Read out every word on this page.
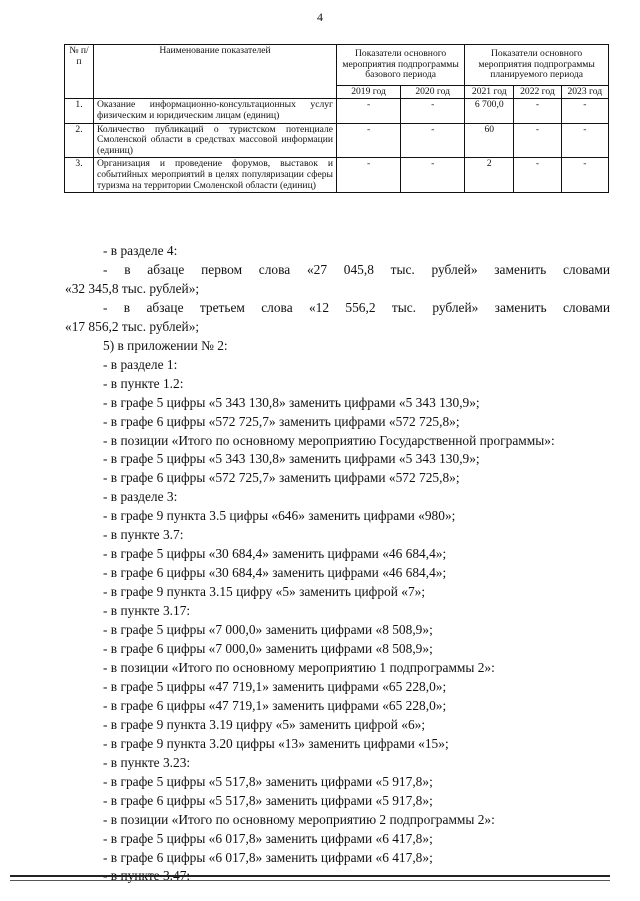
4
№ п/п	Наименование показателей	Показатели основного мероприятия подпрограммы базового периода		Показатели основного мероприятия подпрограммы планируемого периода		
		2019 год	2020 год	2021 год	2022 год	2023 год
1.	Оказание информационно-консультационных услуг физическим и юридическим лицам (единиц)	-	-	6 700,0	-	-
2.	Количество публикаций о туристском потенциале Смоленской области в средствах массовой информации (единиц)	-	-	60	-	-
3.	Организация и проведение форумов, выставок и событийных мероприятий в целях популяризации сферы туризма на территории Смоленской области (единиц)	-	-	2	-	-

- в разделе 4:

- в абзаце первом слова «27 045,8 тыс. рублей» заменить словами

«32 345,8 тыс. рублей»;

- в абзаце третьем слова «12 556,2 тыс. рублей» заменить словами

«17 856,2 тыс. рублей»;

5) в приложении № 2:

- в разделе 1:

- в пункте 1.2:

- в графе 5 цифры «5 343 130,8» заменить цифрами «5 343 130,9»;

- в графе 6 цифры «572 725,7» заменить цифрами «572 725,8»;

- в позиции «Итого по основному мероприятию Государственной программы»:

- в графе 5 цифры «5 343 130,8» заменить цифрами «5 343 130,9»;

- в графе 6 цифры «572 725,7» заменить цифрами «572 725,8»;

- в разделе 3:

- в графе 9 пункта 3.5 цифры «646» заменить цифрами «980»;

- в пункте 3.7:

- в графе 5 цифры «30 684,4» заменить цифрами «46 684,4»;

- в графе 6 цифры «30 684,4» заменить цифрами «46 684,4»;

- в графе 9 пункта 3.15 цифру «5» заменить цифрой «7»;

- в пункте 3.17:

- в графе 5 цифры «7 000,0» заменить цифрами «8 508,9»;

- в графе 6 цифры «7 000,0» заменить цифрами «8 508,9»;

- в позиции «Итого по основному мероприятию 1 подпрограммы 2»:

- в графе 5 цифры «47 719,1» заменить цифрами «65 228,0»;

- в графе 6 цифры «47 719,1» заменить цифрами «65 228,0»;

- в графе 9 пункта 3.19 цифру «5» заменить цифрой «6»;

- в графе 9 пункта 3.20 цифры «13» заменить цифрами «15»;

- в пункте 3.23:

- в графе 5 цифры «5 517,8» заменить цифрами «5 917,8»;

- в графе 6 цифры «5 517,8» заменить цифрами «5 917,8»;

- в позиции «Итого по основному мероприятию 2 подпрограммы 2»:

- в графе 5 цифры «6 017,8» заменить цифрами «6 417,8»;

- в графе 6 цифры «6 017,8» заменить цифрами «6 417,8»;
